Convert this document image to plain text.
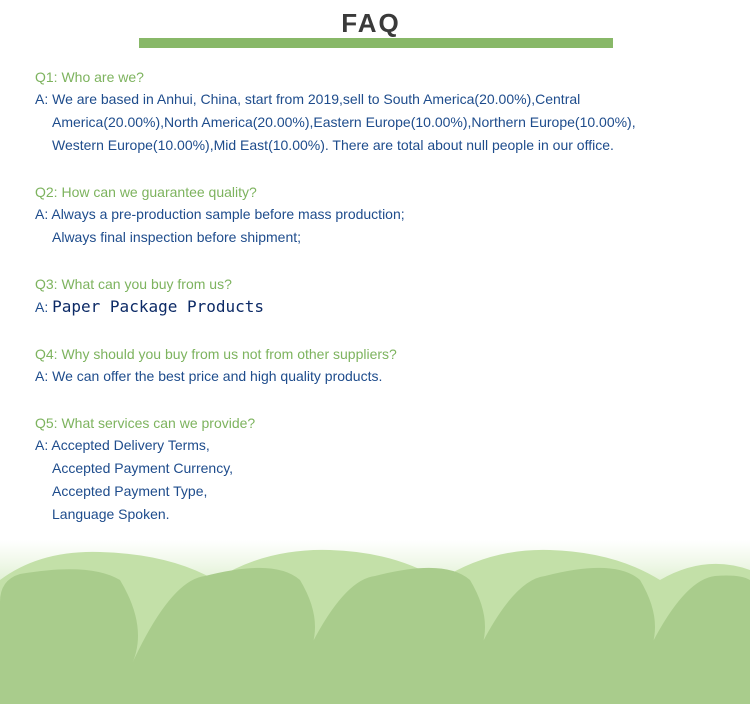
FAQ
Q1: Who are we?
A: We are based in Anhui, China, start from 2019,sell to South America(20.00%),Central
America(20.00%),North America(20.00%),Eastern Europe(10.00%),Northern Europe(10.00%),
Western Europe(10.00%),Mid East(10.00%). There are total about null people in our office.
Q2: How can we guarantee quality?
A: Always a pre-production sample before mass production;
Always final inspection before shipment;
Q3: What can you buy from us?
A: Paper Package Products
Q4: Why should you buy from us not from other suppliers?
A: We can offer the best price and high quality products.
Q5: What services can we provide?
A: Accepted Delivery Terms,
Accepted Payment Currency,
Accepted Payment Type,
Language Spoken.
